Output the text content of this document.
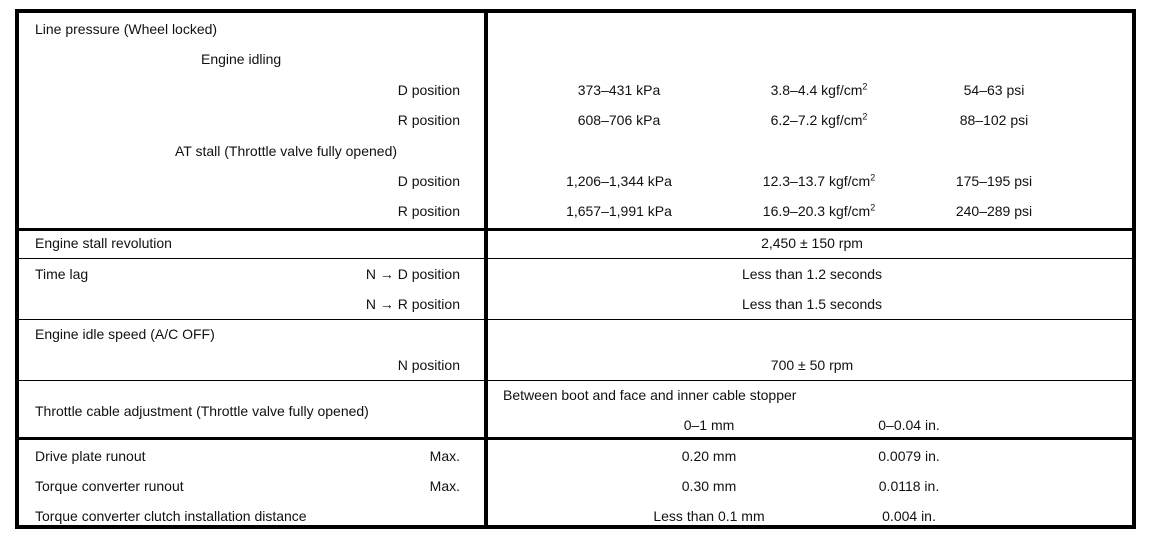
Line pressure (Wheel locked)
Engine idling
D position	373–431 kPa	3.8–4.4 kgf/$cm^2$	54–63 psi
R position	608–706 kPa	6.2–7.2 kgf/$cm^2$	88–102 psi
AT stall (Throttle valve fully opened)
D position	1,206–1,344 kPa	12.3–13.7 kgf/$cm^2$	175–195 psi
R position	1,657–1,991 kPa	16.9–20.3 kgf/$cm^2$	240–289 psi
Engine stall revolution	2,450 ± 150 rpm
Time lag	N → D position	Less than 1.2 seconds
N → R position	Less than 1.5 seconds
Engine idle speed (A/C OFF)
N position	700 ± 50 rpm
Throttle cable adjustment (Throttle valve fully opened)
Between boot and face and inner cable stopper
0–1 mm	0–0.04 in.
Drive plate runout	Max.	0.20 mm	0.0079 in.
Torque converter runout	Max.	0.30 mm	0.0118 in.
Torque converter clutch installation distance	Less than 0.1 mm	0.004 in.
